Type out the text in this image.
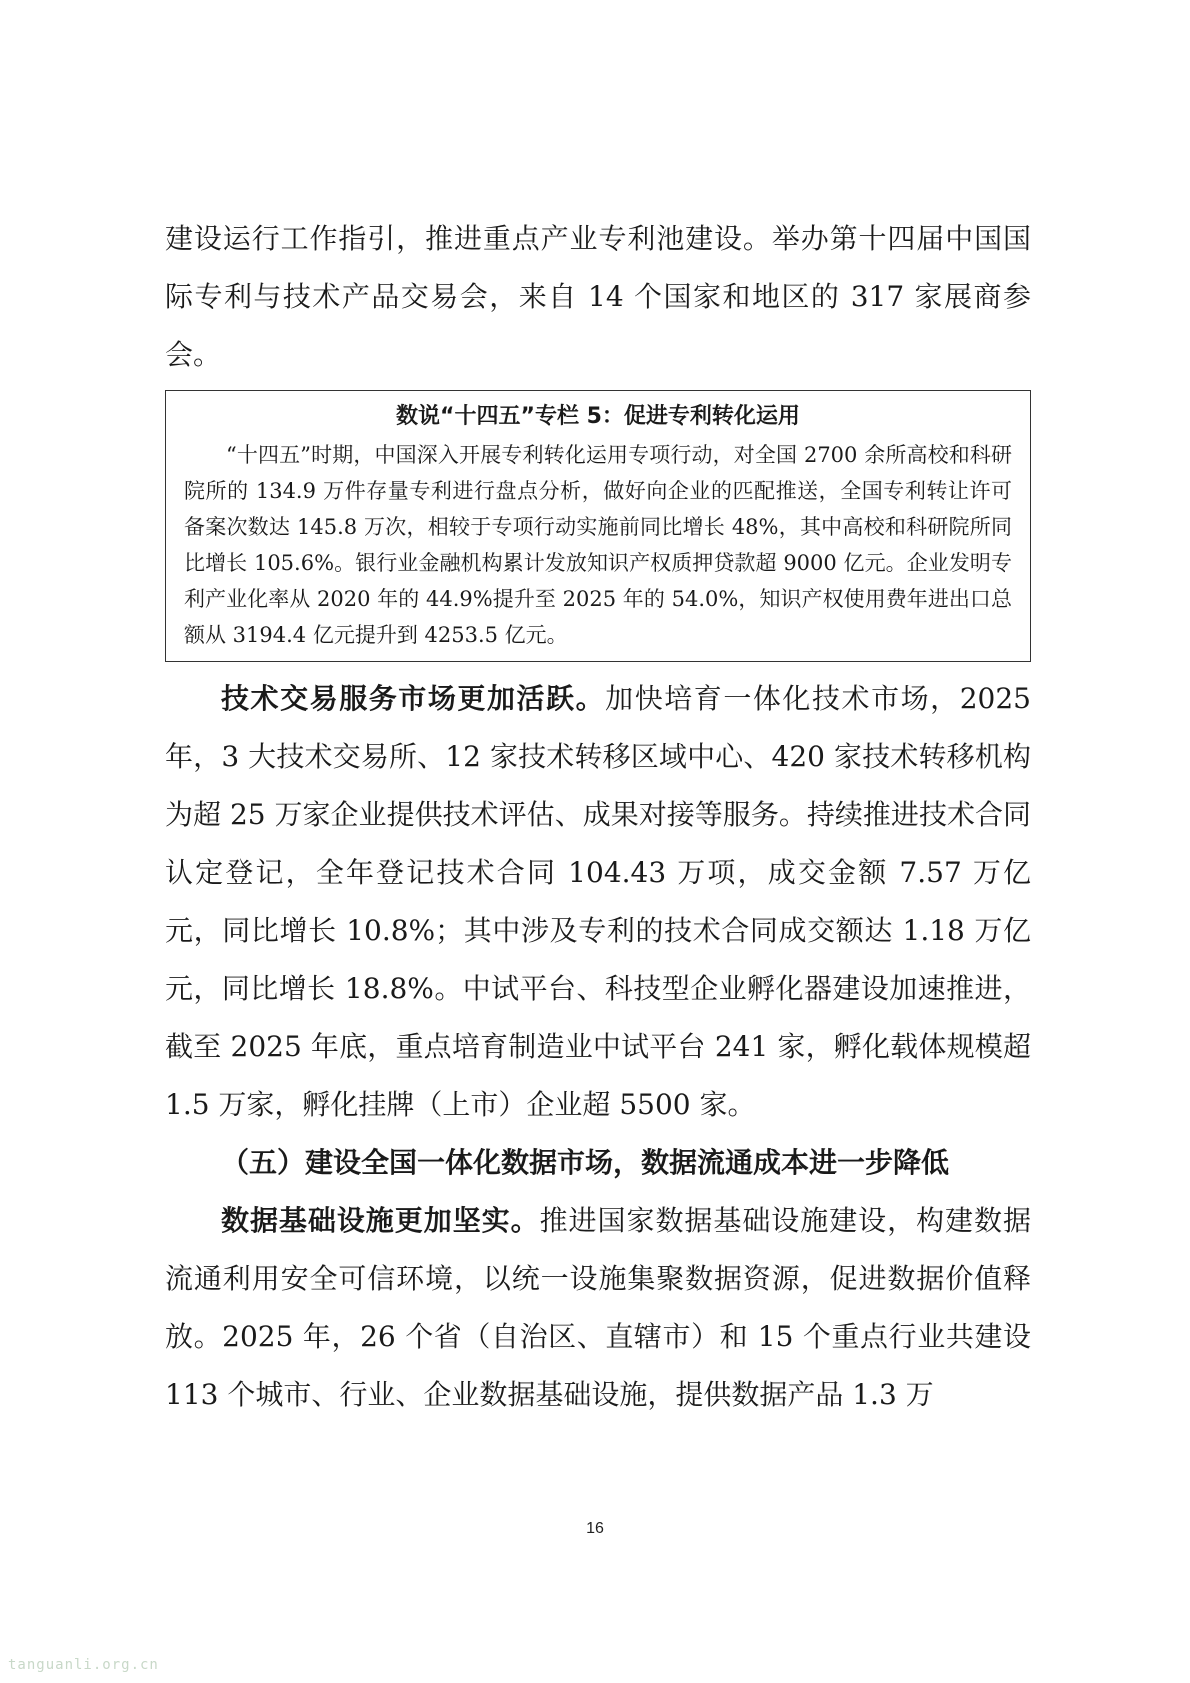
建设运行工作指引，推进重点产业专利池建设。举办第十四届中国国际专利与技术产品交易会，来自 14 个国家和地区的 317 家展商参会。

数说“十四五”专栏 5：促进专利转化运用

“十四五”时期，中国深入开展专利转化运用专项行动，对全国 2700 余所高校和科研院所的 134.9 万件存量专利进行盘点分析，做好向企业的匹配推送，全国专利转让许可备案次数达 145.8 万次，相较于专项行动实施前同比增长 48%，其中高校和科研院所同比增长 105.6%。银行业金融机构累计发放知识产权质押贷款超 9000 亿元。企业发明专利产业化率从 2020 年的 44.9%提升至 2025 年的 54.0%，知识产权使用费年进出口总额从 3194.4 亿元提升到 4253.5 亿元。

技术交易服务市场更加活跃。加快培育一体化技术市场，2025 年，3 大技术交易所、12 家技术转移区域中心、420 家技术转移机构为超 25 万家企业提供技术评估、成果对接等服务。持续推进技术合同认定登记，全年登记技术合同 104.43 万项，成交金额 7.57 万亿元，同比增长 10.8%；其中涉及专利的技术合同成交额达 1.18 万亿元，同比增长 18.8%。中试平台、科技型企业孵化器建设加速推进，截至 2025 年底，重点培育制造业中试平台 241 家，孵化载体规模超 1.5 万家，孵化挂牌（上市）企业超 5500 家。

（五）建设全国一体化数据市场，数据流通成本进一步降低

数据基础设施更加坚实。推进国家数据基础设施建设，构建数据流通利用安全可信环境，以统一设施集聚数据资源，促进数据价值释放。2025 年，26 个省（自治区、直辖市）和 15 个重点行业共建设 113 个城市、行业、企业数据基础设施，提供数据产品 1.3 万

16
tanguanli.org.cn
